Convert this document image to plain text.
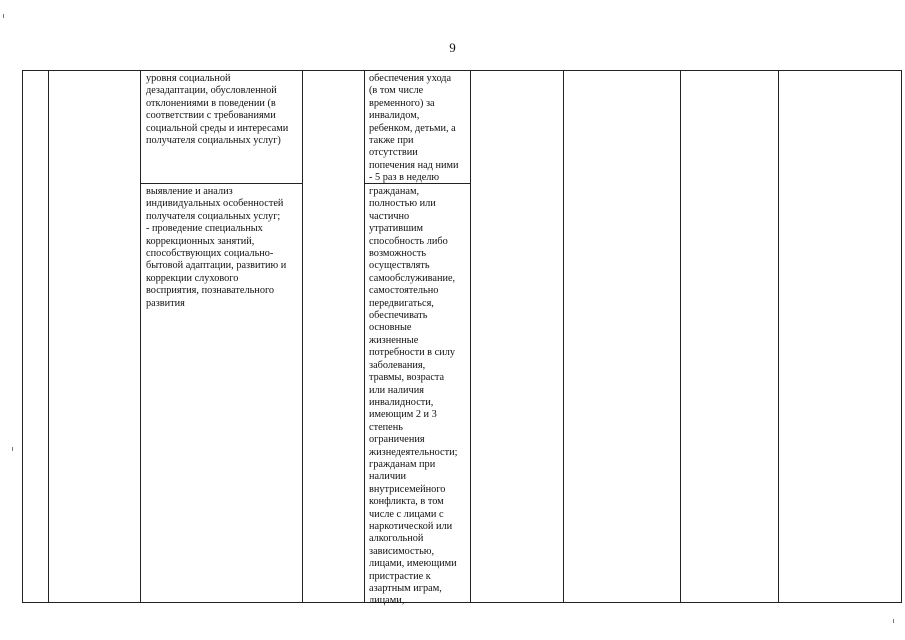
9
уровня социальной
дезадаптации, обусловленной
отклонениями в поведении (в
соответствии с требованиями
социальной среды и интересами
получателя социальных услуг)
обеспечения ухода
(в том числе
временного) за
инвалидом,
ребенком, детьми, а
также при
отсутствии
попечения над ними
- 5 раз в неделю
выявление и анализ
индивидуальных особенностей
получателя социальных услуг;
- проведение специальных
коррекционных занятий,
способствующих социально-
бытовой адаптации, развитию и
коррекции слухового
восприятия, познавательного
развития
гражданам,
полностью или
частично
утратившим
способность либо
возможность
осуществлять
самообслуживание,
самостоятельно
передвигаться,
обеспечивать
основные
жизненные
потребности в силу
заболевания,
травмы, возраста
или наличия
инвалидности,
имеющим 2 и 3
степень
ограничения
жизнедеятельности;
гражданам при
наличии
внутрисемейного
конфликта, в том
числе с лицами с
наркотической или
алкогольной
зависимостью,
лицами, имеющими
пристрастие к
азартным играм,
лицами,
